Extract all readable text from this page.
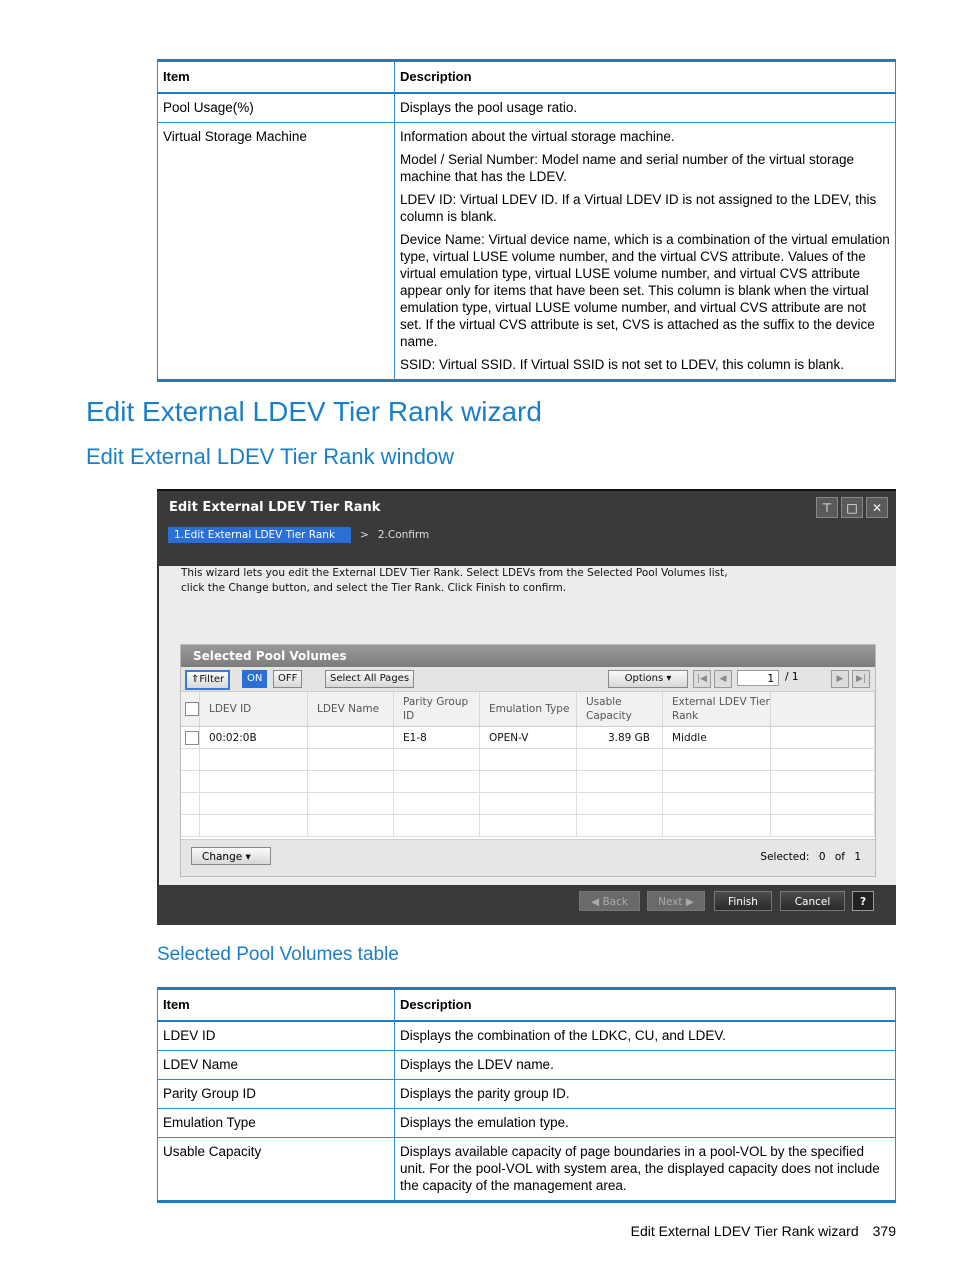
Item	Description
Pool Usage(%)	Displays the pool usage ratio.

Virtual Storage Machine	Information about the virtual storage machine.

Model / Serial Number: Model name and serial number of the virtual storage machine that has the LDEV.

LDEV ID: Virtual LDEV ID. If a Virtual LDEV ID is not assigned to the LDEV, this column is blank.

Device Name: Virtual device name, which is a combination of the virtual emulation type, virtual LUSE volume number, and the virtual CVS attribute. Values of the virtual emulation type, virtual LUSE volume number, and virtual CVS attribute appear only for items that have been set. This column is blank when the virtual emulation type, virtual LUSE volume number, and virtual CVS attribute are not set. If the virtual CVS attribute is set, CVS is attached as the suffix to the device name.

SSID: Virtual SSID. If Virtual SSID is not set to LDEV, this column is blank.

Edit External LDEV Tier Rank wizard
Edit External LDEV Tier Rank window
Edit External LDEV Tier Rank	⊤	□	✕
1.Edit External LDEV Tier Rank	> 2.Confirm
This wizard lets you edit the External LDEV Tier Rank. Select LDEVs from the Selected Pool Volumes list,
click the Change button, and select the Tier Rank. Click Finish to confirm.
Selected Pool Volumes
⇑Filter	ON	OFF	Select All Pages	Options ▾	|◀	◀	1	/ 1	▶	▶|
	LDEV ID	LDEV Name	Parity Group ID	Emulation Type	Usable Capacity	External LDEV Tier Rank	
	00:02:0B		E1-8	OPEN-V	3.89 GB	Middle	

Change ▾	Selected: 0 of 1
◀ Back	Next ▶	Finish	Cancel	?
Selected Pool Volumes table
Item	Description
LDEV ID	Displays the combination of the LDKC, CU, and LDEV.
LDEV Name	Displays the LDEV name.
Parity Group ID	Displays the parity group ID.
Emulation Type	Displays the emulation type.
Usable Capacity	Displays available capacity of page boundaries in a pool-VOL by the specified unit. For the pool-VOL with system area, the displayed capacity does not include the capacity of the management area.
Edit External LDEV Tier Rank wizard 379
